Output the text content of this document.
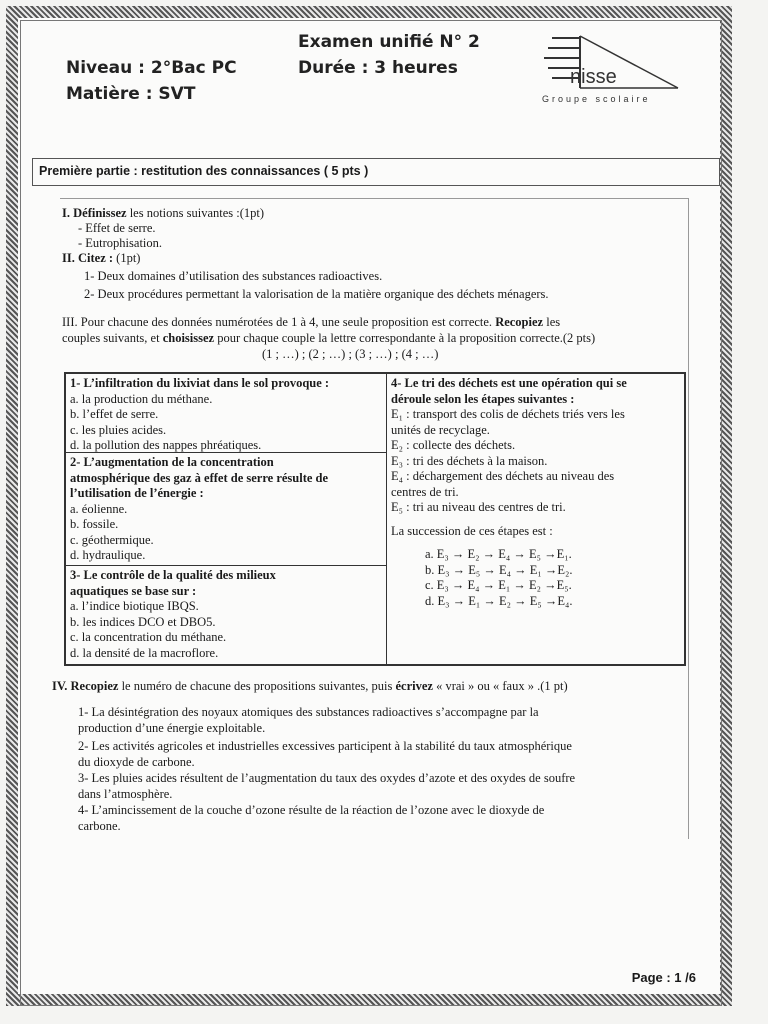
Niveau : 2°Bac PC
Matière : SVT
Examen unifié N° 2
Durée : 3 heures	nisse
Groupe scolaire
Première partie : restitution des connaissances ( 5 pts )
I. Définissez les notions suivantes :(1pt)
- Effet de serre.
- Eutrophisation.
II. Citez : (1pt)
1- Deux domaines d’utilisation des substances radioactives.
2- Deux procédures permettant la valorisation de la matière organique des déchets ménagers.
III. Pour chacune des données numérotées de 1 à 4, une seule proposition est correcte. Recopiez les
couples suivants, et choisissez pour chaque couple la lettre correspondante à la proposition correcte.(2 pts)
(1 ; …) ; (2 ; …) ; (3 ; …) ; (4 ; …)
1- L’infiltration du lixiviat dans le sol provoque :
a. la production du méthane.
b. l’effet de serre.
c. les pluies acides.
d. la pollution des nappes phréatiques.
2- L’augmentation de la concentration
atmosphérique des gaz à effet de serre résulte de
l’utilisation de l’énergie :
a. éolienne.
b. fossile.
c. géothermique.
d. hydraulique.
3- Le contrôle de la qualité des milieux
aquatiques se base sur :
a. l’indice biotique IBQS.
b. les indices DCO et DBO5.
c. la concentration du méthane.
d. la densité de la macroflore.
4- Le tri des déchets est une opération qui se
déroule selon les étapes suivantes :
E₁ : transport des colis de déchets triés vers les
unités de recyclage.
E₂ : collecte des déchets.
E₃ : tri des déchets à la maison.
E₄ : déchargement des déchets au niveau des
centres de tri.
E₅ : tri au niveau des centres de tri.
La succession de ces étapes est :
a. E₃ → E₂ → E₄ → E₅ →E₁.
b. E₃ → E₅ → E₄ → E₁ →E₂.
c. E₃ → E₄ → E₁ → E₂ →E₅.
d. E₃ → E₁ → E₂ → E₅ →E₄.
IV. Recopiez le numéro de chacune des propositions suivantes, puis écrivez « vrai » ou « faux » .(1 pt)
1- La désintégration des noyaux atomiques des substances radioactives s’accompagne par la
production d’une énergie exploitable.
2- Les activités agricoles et industrielles excessives participent à la stabilité du taux atmosphérique
du dioxyde de carbone.
3- Les pluies acides résultent de l’augmentation du taux des oxydes d’azote et des oxydes de soufre
dans l’atmosphère.
4- L’amincissement de la couche d’ozone résulte de la réaction de l’ozone avec le dioxyde de
carbone.
Page : 1 /6
